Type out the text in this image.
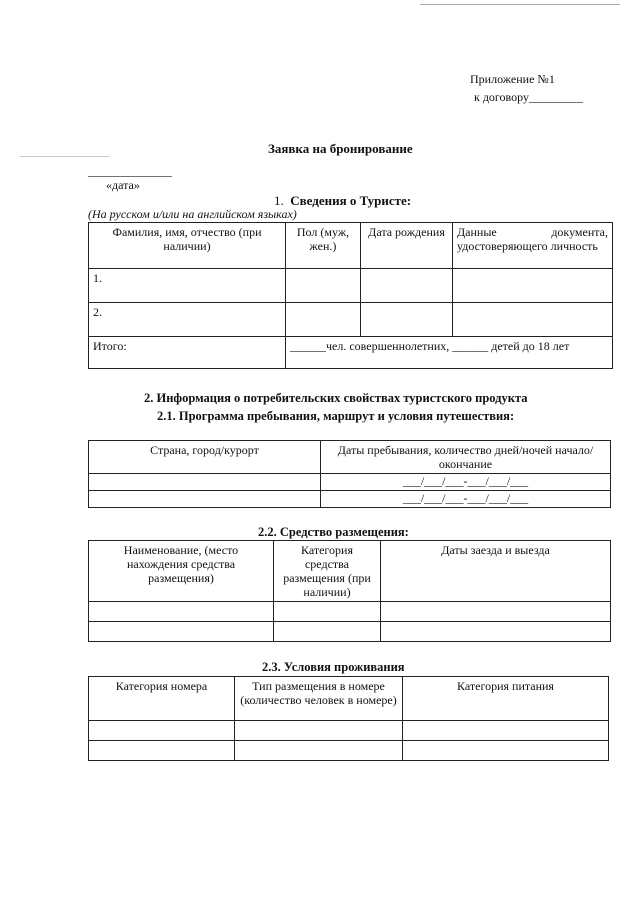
Приложение №1
к договору_________
Заявка на бронирование
______________
«дата»
1. Сведения о Туристе:
(На русском и/или на английском языках)
Фамилия, имя, отчество (при наличии)	Пол (муж, жен.)	Дата рождения	Данные документа,
удостоверяющего личность

1.			
2.			
Итого:	______чел. совершеннолетних, ______ детей до 18 лет		
2. Информация о потребительских свойствах туристского продукта
2.1. Программа пребывания, маршрут и условия путешествия:
Страна, город/курорт	Даты пребывания, количество дней/ночей начало/окончание
	___/___/___-___/___/___
	___/___/___-___/___/___
2.2. Средство размещения:
Наименование, (место нахождения средства размещения)	Категория средства размещения (при наличии)	Даты заезда и выезда

2.3. Условия проживания
Категория номера	Тип размещения в номере (количество человек в номере)	Категория питания
